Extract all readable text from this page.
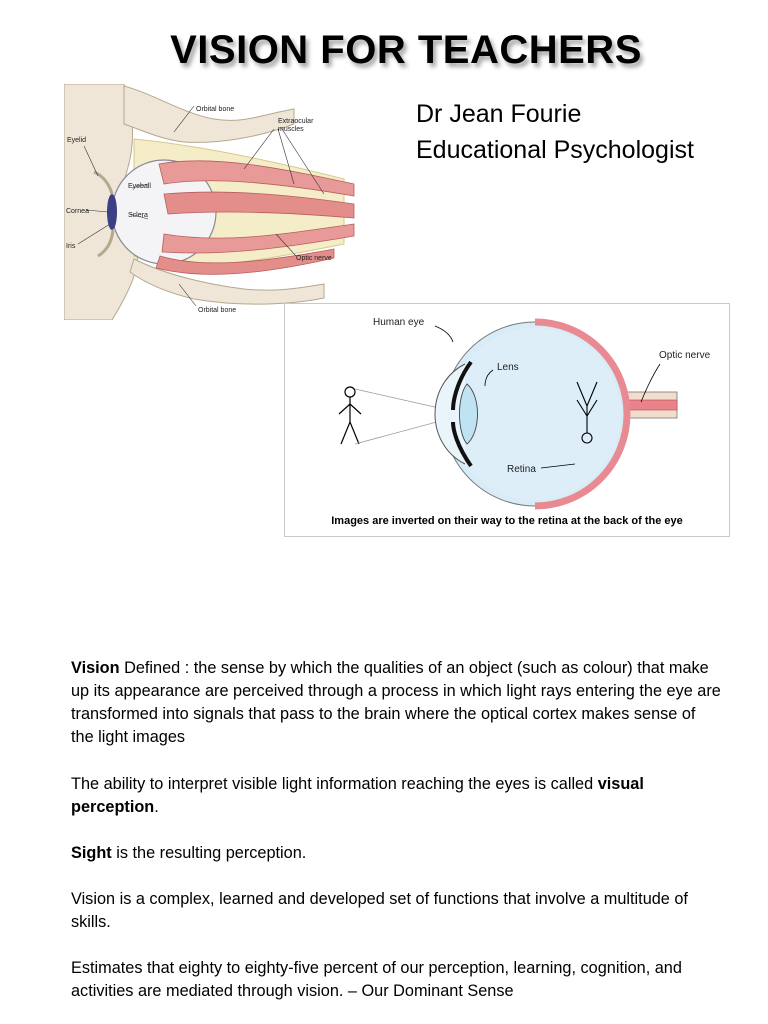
VISION FOR TEACHERS
Dr Jean Fourie
Educational Psychologist
Orbital bone
Extraocular
muscles
Eyelid
Eyeball
Cornea
Sclera
Iris
Optic nerve
Orbital bone
Human eye
Lens
Optic nerve
Retina
Images are inverted on their way to the retina at the back of the eye

Vision Defined : the sense by which the qualities of an object (such as colour) that make up its appearance are perceived through a process in which light rays entering the eye are transformed into signals that pass to the brain where the optical cortex makes sense of the light images

The ability to interpret visible light information reaching the eyes is called visual perception.

Sight is the resulting perception.

Vision is a complex, learned and developed set of functions that involve a multitude of skills.

Estimates that eighty to eighty-five percent of our perception, learning, cognition, and activities are mediated through vision. – Our Dominant Sense
